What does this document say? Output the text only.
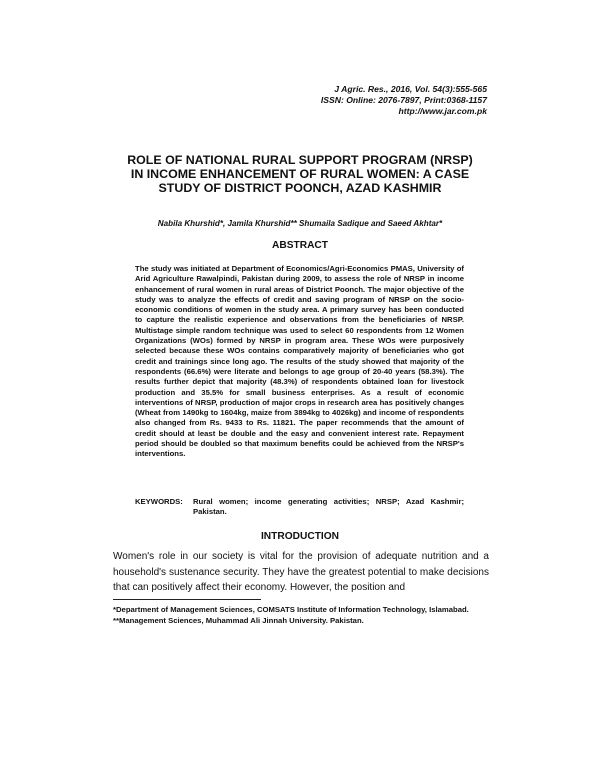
J Agric. Res., 2016, Vol. 54(3):555-565
ISSN: Online: 2076-7897, Print:0368-1157
http://www.jar.com.pk
ROLE OF NATIONAL RURAL SUPPORT PROGRAM (NRSP) IN INCOME ENHANCEMENT OF RURAL WOMEN: A CASE STUDY OF DISTRICT POONCH, AZAD KASHMIR
Nabila Khurshid*, Jamila Khurshid** Shumaila Sadique and Saeed Akhtar*
ABSTRACT

The study was initiated at Department of Economics/Agri-Economics PMAS, University of Arid Agriculture Rawalpindi, Pakistan during 2009, to assess the role of NRSP in income enhancement of rural women in rural areas of District Poonch. The major objective of the study was to analyze the effects of credit and saving program of NRSP on the socio-economic conditions of women in the study area. A primary survey has been conducted to capture the realistic experience and observations from the beneficiaries of NRSP. Multistage simple random technique was used to select 60 respondents from 12 Women Organizations (WOs) formed by NRSP in program area. These WOs were purposively selected because these WOs contains comparatively majority of beneficiaries who got credit and trainings since long ago. The results of the study showed that majority of the respondents (66.6%) were literate and belongs to age group of 20-40 years (58.3%). The results further depict that majority (48.3%) of respondents obtained loan for livestock production and 35.5% for small business enterprises. As a result of economic interventions of NRSP, production of major crops in research area has positively changes (Wheat from 1490kg to 1604kg, maize from 3894kg to 4026kg) and income of respondents also changed from Rs. 9433 to Rs. 11821. The paper recommends that the amount of credit should at least be double and the easy and convenient interest rate. Repayment period should be doubled so that maximum benefits could be achieved from the NRSP's interventions.

KEYWORDS:	Rural women; income generating activities; NRSP; Azad Kashmir; Pakistan.
INTRODUCTION

Women's role in our society is vital for the provision of adequate nutrition and a household's sustenance security. They have the greatest potential to make decisions that can positively affect their economy. However, the position and

*Department of Management Sciences, COMSATS Institute of Information Technology, Islamabad. **Management Sciences, Muhammad Ali Jinnah University. Pakistan.
